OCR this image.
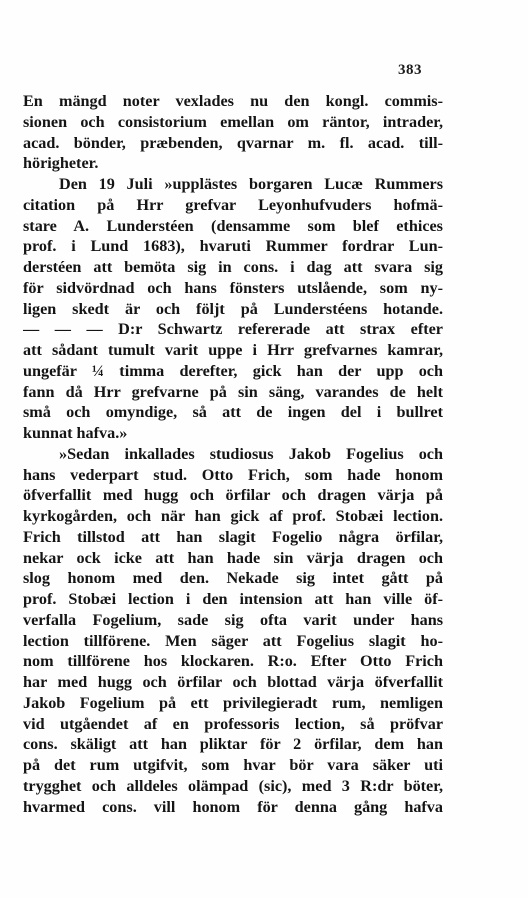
383
En mängd noter vexlades nu den kongl. commis-
sionen och consistorium emellan om räntor, intrader,
acad. bönder, præbenden, qvarnar m. fl. acad. till-
hörigheter.
Den 19 Juli »upplästes borgaren Lucæ Rummers
citation på Hrr grefvar Leyonhufvuders hofmä-
stare A. Lunderstéen (densamme som blef ethices
prof. i Lund 1683), hvaruti Rummer fordrar Lun-
derstéen att bemöta sig in cons. i dag att svara sig
för sidvördnad och hans fönsters utslående, som ny-
ligen skedt är och följt på Lunderstéens hotande.
— — — D:r Schwartz refererade att strax efter
att sådant tumult varit uppe i Hrr grefvarnes kamrar,
ungefär ¼ timma derefter, gick han der upp och
fann då Hrr grefvarne på sin säng, varandes de helt
små och omyndige, så att de ingen del i bullret
kunnat hafva.»
»Sedan inkallades studiosus Jakob Fogelius och
hans vederpart stud. Otto Frich, som hade honom
öfverfallit med hugg och örfilar och dragen värja på
kyrkogården, och när han gick af prof. Stobæi lection.
Frich tillstod att han slagit Fogelio några örfilar,
nekar ock icke att han hade sin värja dragen och
slog honom med den. Nekade sig intet gått på
prof. Stobæi lection i den intension att han ville öf-
verfalla Fogelium, sade sig ofta varit under hans
lection tillförene. Men säger att Fogelius slagit ho-
nom tillförene hos klockaren. R:o. Efter Otto Frich
har med hugg och örfilar och blottad värja öfverfallit
Jakob Fogelium på ett privilegieradt rum, nemligen
vid utgåendet af en professoris lection, så pröfvar
cons. skäligt att han pliktar för 2 örfilar, dem han
på det rum utgifvit, som hvar bör vara säker uti
trygghet och alldeles olämpad (sic), med 3 R:dr böter,
hvarmed cons. vill honom för denna gång hafva
